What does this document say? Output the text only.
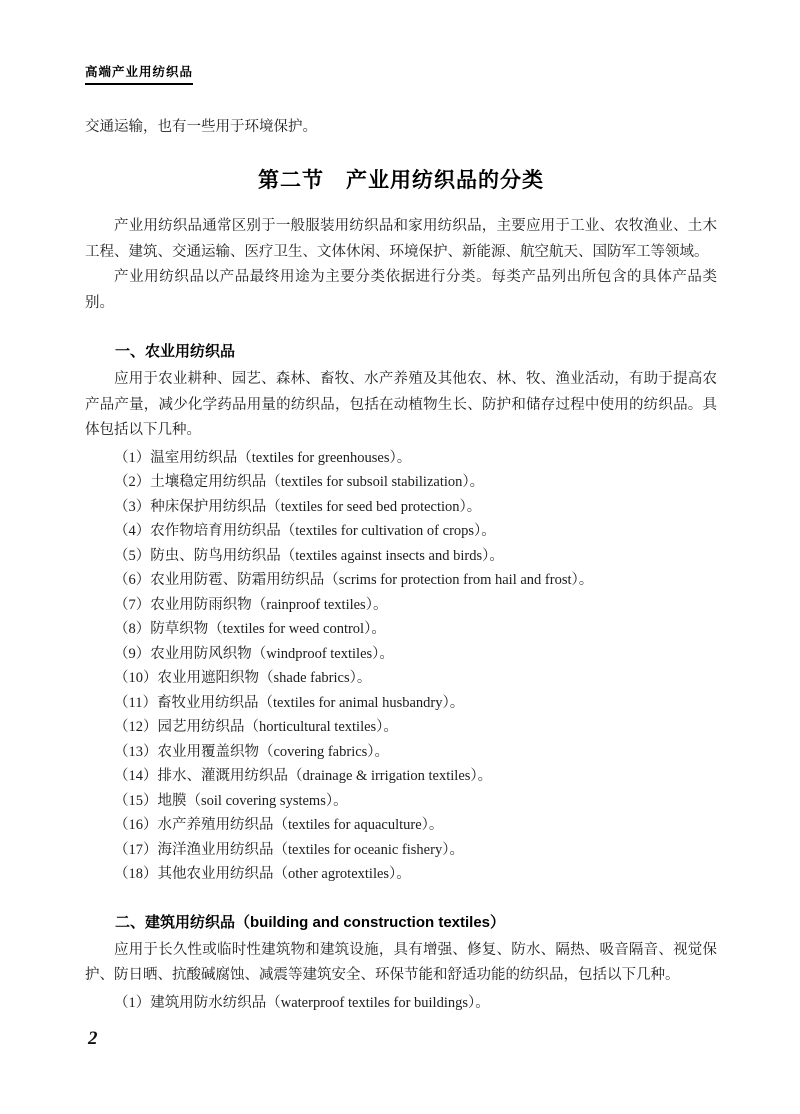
高端产业用纺织品

交通运输，也有一些用于环境保护。

第二节　产业用纺织品的分类

产业用纺织品通常区别于一般服装用纺织品和家用纺织品，主要应用于工业、农牧渔业、土木工程、建筑、交通运输、医疗卫生、文体休闲、环境保护、新能源、航空航天、国防军工等领域。

产业用纺织品以产品最终用途为主要分类依据进行分类。每类产品列出所包含的具体产品类别。

一、农业用纺织品

应用于农业耕种、园艺、森林、畜牧、水产养殖及其他农、林、牧、渔业活动，有助于提高农产品产量，减少化学药品用量的纺织品，包括在动植物生长、防护和储存过程中使用的纺织品。具体包括以下几种。

（1）温室用纺织品（textiles for greenhouses）。

（2）土壤稳定用纺织品（textiles for subsoil stabilization）。

（3）种床保护用纺织品（textiles for seed bed protection）。

（4）农作物培育用纺织品（textiles for cultivation of crops）。

（5）防虫、防鸟用纺织品（textiles against insects and birds）。

（6）农业用防雹、防霜用纺织品（scrims for protection from hail and frost）。

（7）农业用防雨织物（rainproof textiles）。

（8）防草织物（textiles for weed control）。

（9）农业用防风织物（windproof textiles）。

（10）农业用遮阳织物（shade fabrics）。

（11）畜牧业用纺织品（textiles for animal husbandry）。

（12）园艺用纺织品（horticultural textiles）。

（13）农业用覆盖织物（covering fabrics）。

（14）排水、灌溉用纺织品（drainage & irrigation textiles）。

（15）地膜（soil covering systems）。

（16）水产养殖用纺织品（textiles for aquaculture）。

（17）海洋渔业用纺织品（textiles for oceanic fishery）。

（18）其他农业用纺织品（other agrotextiles）。

二、建筑用纺织品（building and construction textiles）

应用于长久性或临时性建筑物和建筑设施，具有增强、修复、防水、隔热、吸音隔音、视觉保护、防日晒、抗酸碱腐蚀、减震等建筑安全、环保节能和舒适功能的纺织品，包括以下几种。

（1）建筑用防水纺织品（waterproof textiles for buildings）。

2
